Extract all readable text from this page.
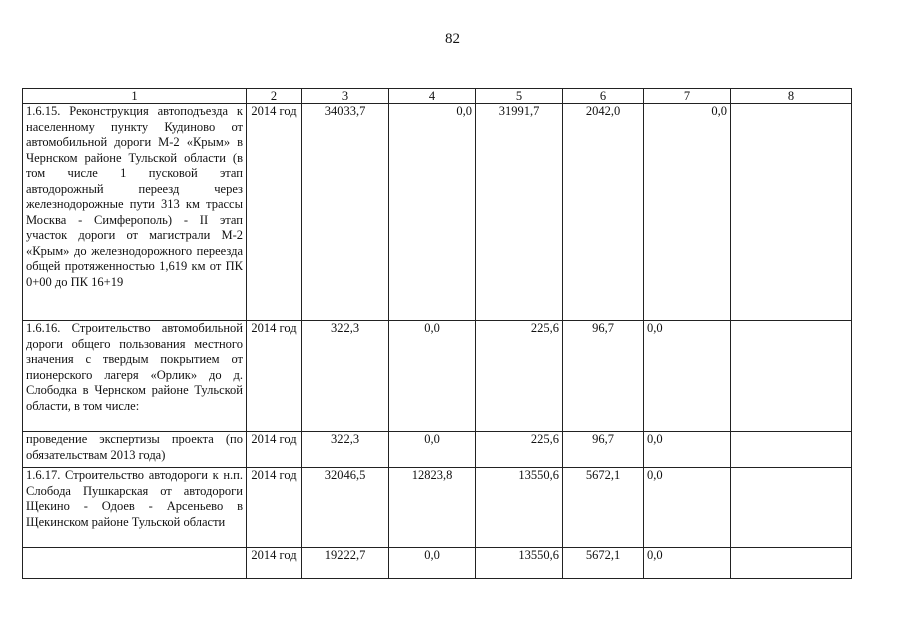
82
1	2	3	4	5	6	7	8
1.6.15. Реконструкция автоподъезда к населенному пункту Кудиново от автомобильной дороги М-2 «Крым» в Чернском районе Тульской области (в том числе 1 пусковой этап автодорожный переезд через железнодорожные пути 313 км трассы Москва - Симферополь) - II этап участок дороги от магистрали М-2 «Крым» до железнодорожного переезда общей протяженностью 1,619 км от ПК 0+00 до ПК 16+19	2014 год	34033,7	0,0	31991,7	2042,0	0,0	
1.6.16. Строительство автомобильной дороги общего пользования местного значения с твердым покрытием от пионерского лагеря «Орлик» до д. Слободка в Чернском районе Тульской области, в том числе:	2014 год	322,3	0,0	225,6	96,7	0,0	
проведение экспертизы проекта (по обязательствам 2013 года)	2014 год	322,3	0,0	225,6	96,7	0,0	
1.6.17. Строительство автодороги к н.п. Слобода Пушкарская от автодороги Щекино - Одоев - Арсеньево в Щекинском районе Тульской области	2014 год	32046,5	12823,8	13550,6	5672,1	0,0	
	2014 год	19222,7	0,0	13550,6	5672,1	0,0	
